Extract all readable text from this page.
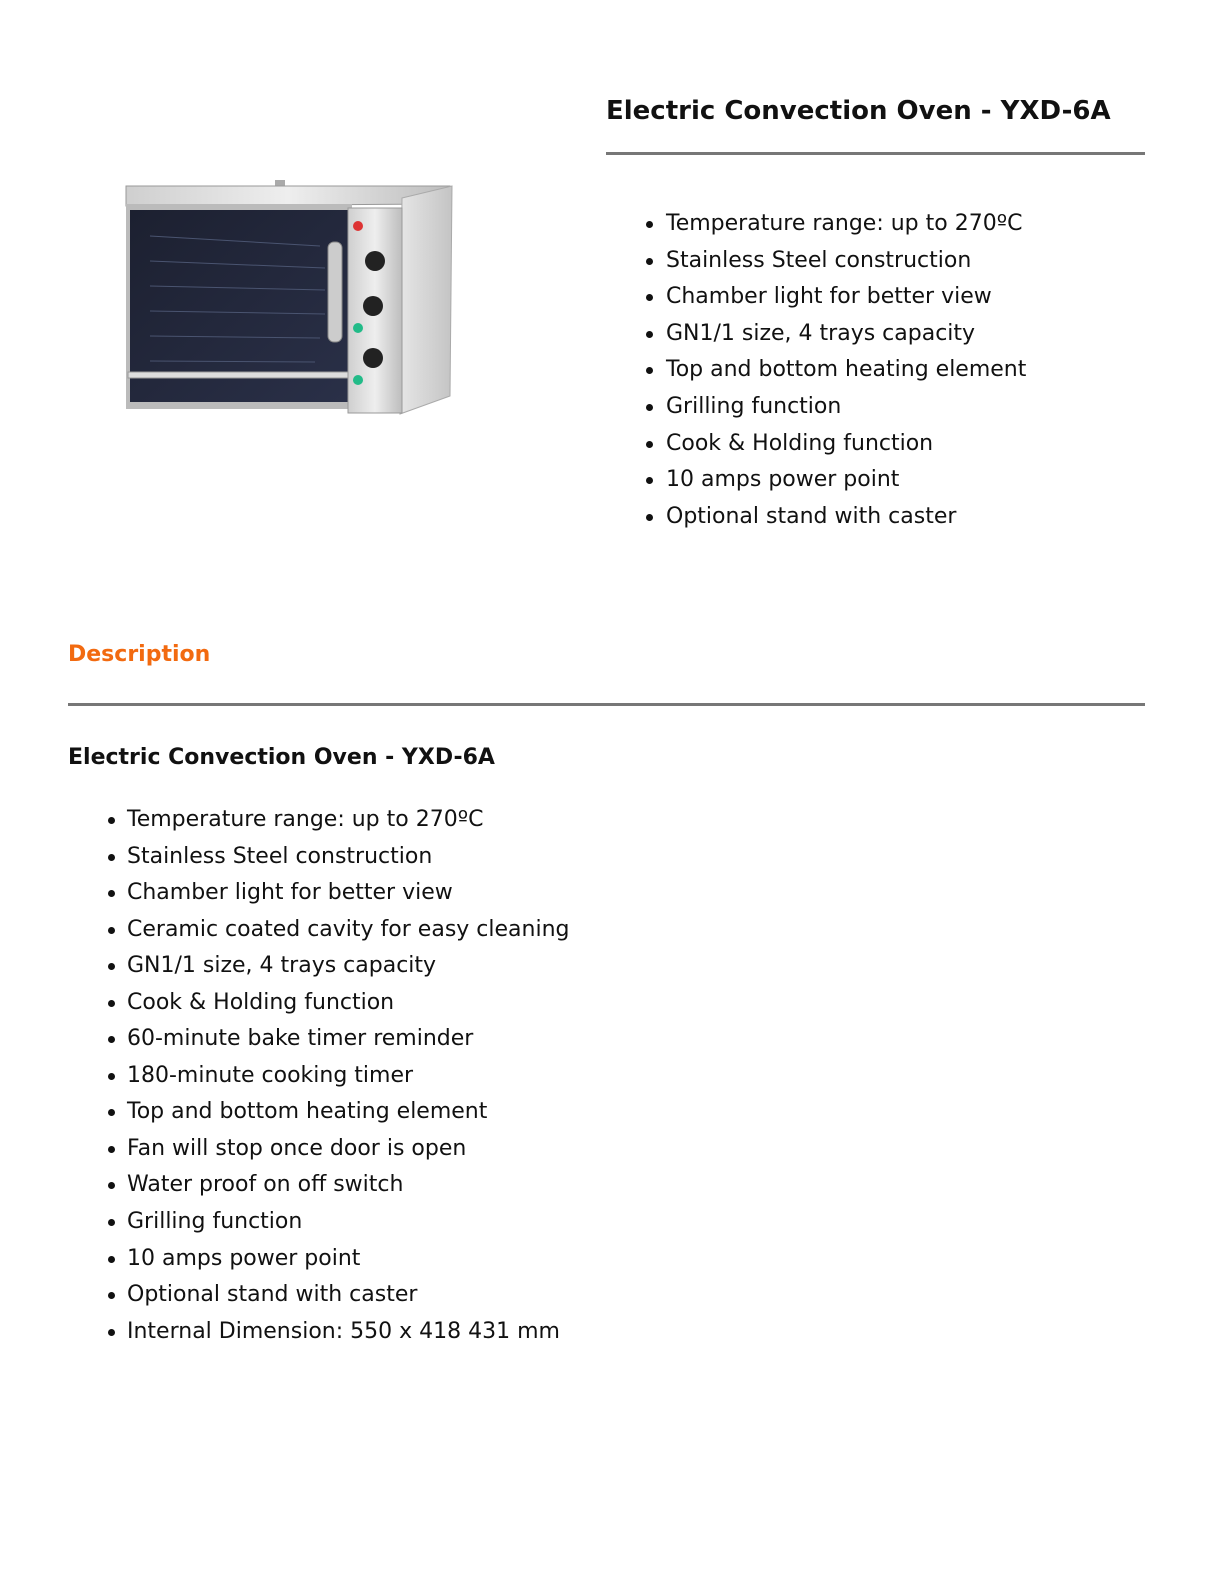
Electric Convection Oven - YXD-6A
Temperature range: up to 270ºC
Stainless Steel construction
Chamber light for better view
GN1/1 size, 4 trays capacity
Top and bottom heating element
Grilling function
Cook & Holding function
10 amps power point
Optional stand with caster
Description
Electric Convection Oven - YXD-6A
Temperature range: up to 270ºC
Stainless Steel construction
Chamber light for better view
Ceramic coated cavity for easy cleaning
GN1/1 size, 4 trays capacity
Cook & Holding function
60-minute bake timer reminder
180-minute cooking timer
Top and bottom heating element
Fan will stop once door is open
Water proof on off switch
Grilling function
10 amps power point
Optional stand with caster
Internal Dimension: 550 x 418 431 mm
